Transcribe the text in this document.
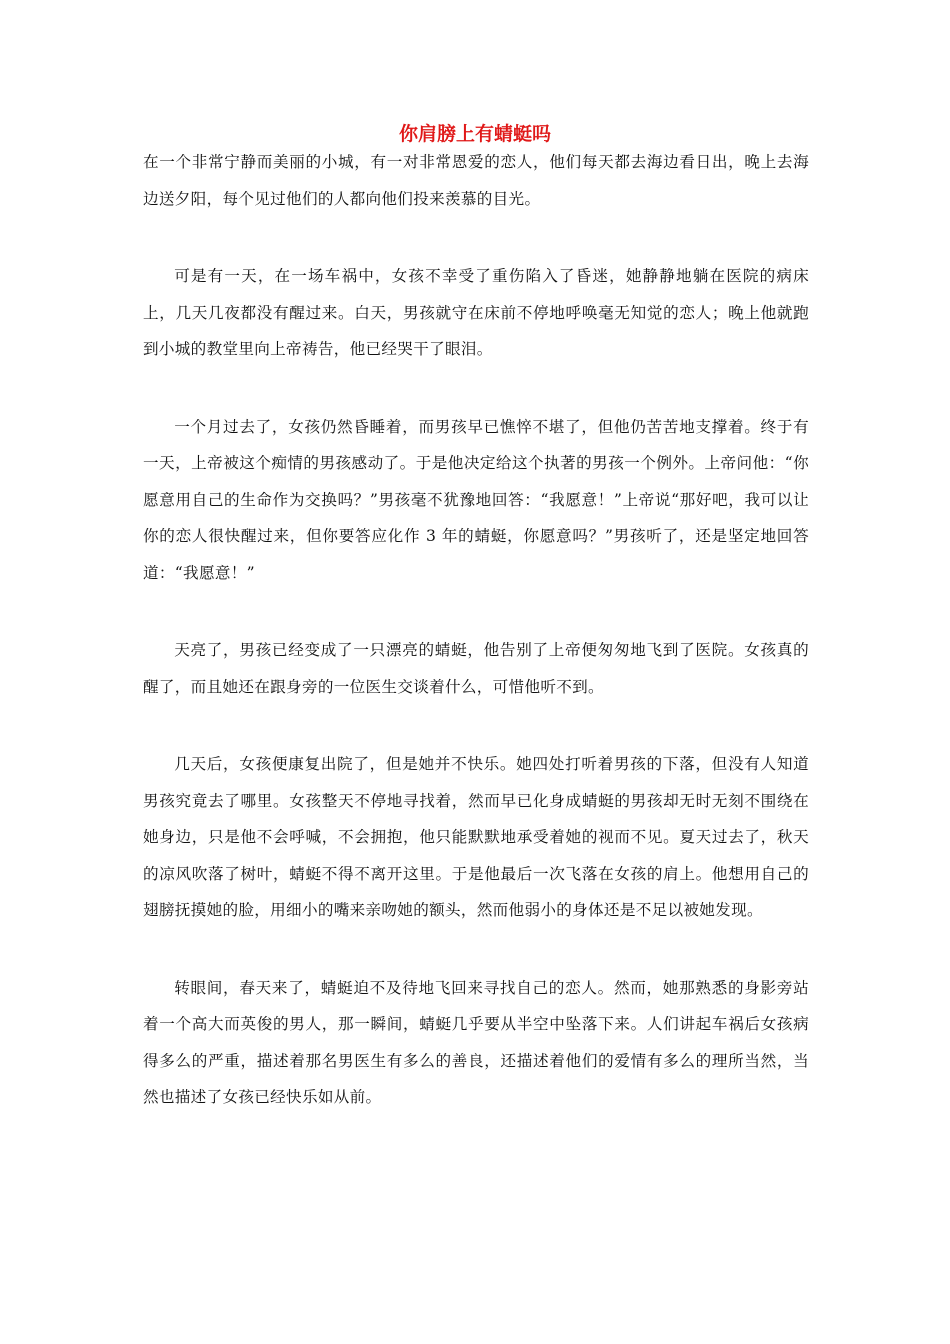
你肩膀上有蜻蜓吗

在一个非常宁静而美丽的小城，有一对非常恩爱的恋人，他们每天都去海边看日出，晚上去海边送夕阳，每个见过他们的人都向他们投来羡慕的目光。

可是有一天，在一场车祸中，女孩不幸受了重伤陷入了昏迷，她静静地躺在医院的病床上，几天几夜都没有醒过来。白天，男孩就守在床前不停地呼唤毫无知觉的恋人；晚上他就跑到小城的教堂里向上帝祷告，他已经哭干了眼泪。

一个月过去了，女孩仍然昏睡着，而男孩早已憔悴不堪了，但他仍苦苦地支撑着。终于有一天，上帝被这个痴情的男孩感动了。于是他决定给这个执著的男孩一个例外。上帝问他：“你愿意用自己的生命作为交换吗？”男孩毫不犹豫地回答：“我愿意！”上帝说“那好吧，我可以让你的恋人很快醒过来，但你要答应化作 3 年的蜻蜓，你愿意吗？”男孩听了，还是坚定地回答道：“我愿意！”

天亮了，男孩已经变成了一只漂亮的蜻蜓，他告别了上帝便匆匆地飞到了医院。女孩真的醒了，而且她还在跟身旁的一位医生交谈着什么，可惜他听不到。

几天后，女孩便康复出院了，但是她并不快乐。她四处打听着男孩的下落，但没有人知道男孩究竟去了哪里。女孩整天不停地寻找着，然而早已化身成蜻蜓的男孩却无时无刻不围绕在她身边，只是他不会呼喊，不会拥抱，他只能默默地承受着她的视而不见。夏天过去了，秋天的凉风吹落了树叶，蜻蜓不得不离开这里。于是他最后一次飞落在女孩的肩上。他想用自己的翅膀抚摸她的脸，用细小的嘴来亲吻她的额头，然而他弱小的身体还是不足以被她发现。

转眼间，春天来了，蜻蜓迫不及待地飞回来寻找自己的恋人。然而，她那熟悉的身影旁站着一个高大而英俊的男人，那一瞬间，蜻蜓几乎要从半空中坠落下来。人们讲起车祸后女孩病得多么的严重，描述着那名男医生有多么的善良，还描述着他们的爱情有多么的理所当然，当然也描述了女孩已经快乐如从前。
